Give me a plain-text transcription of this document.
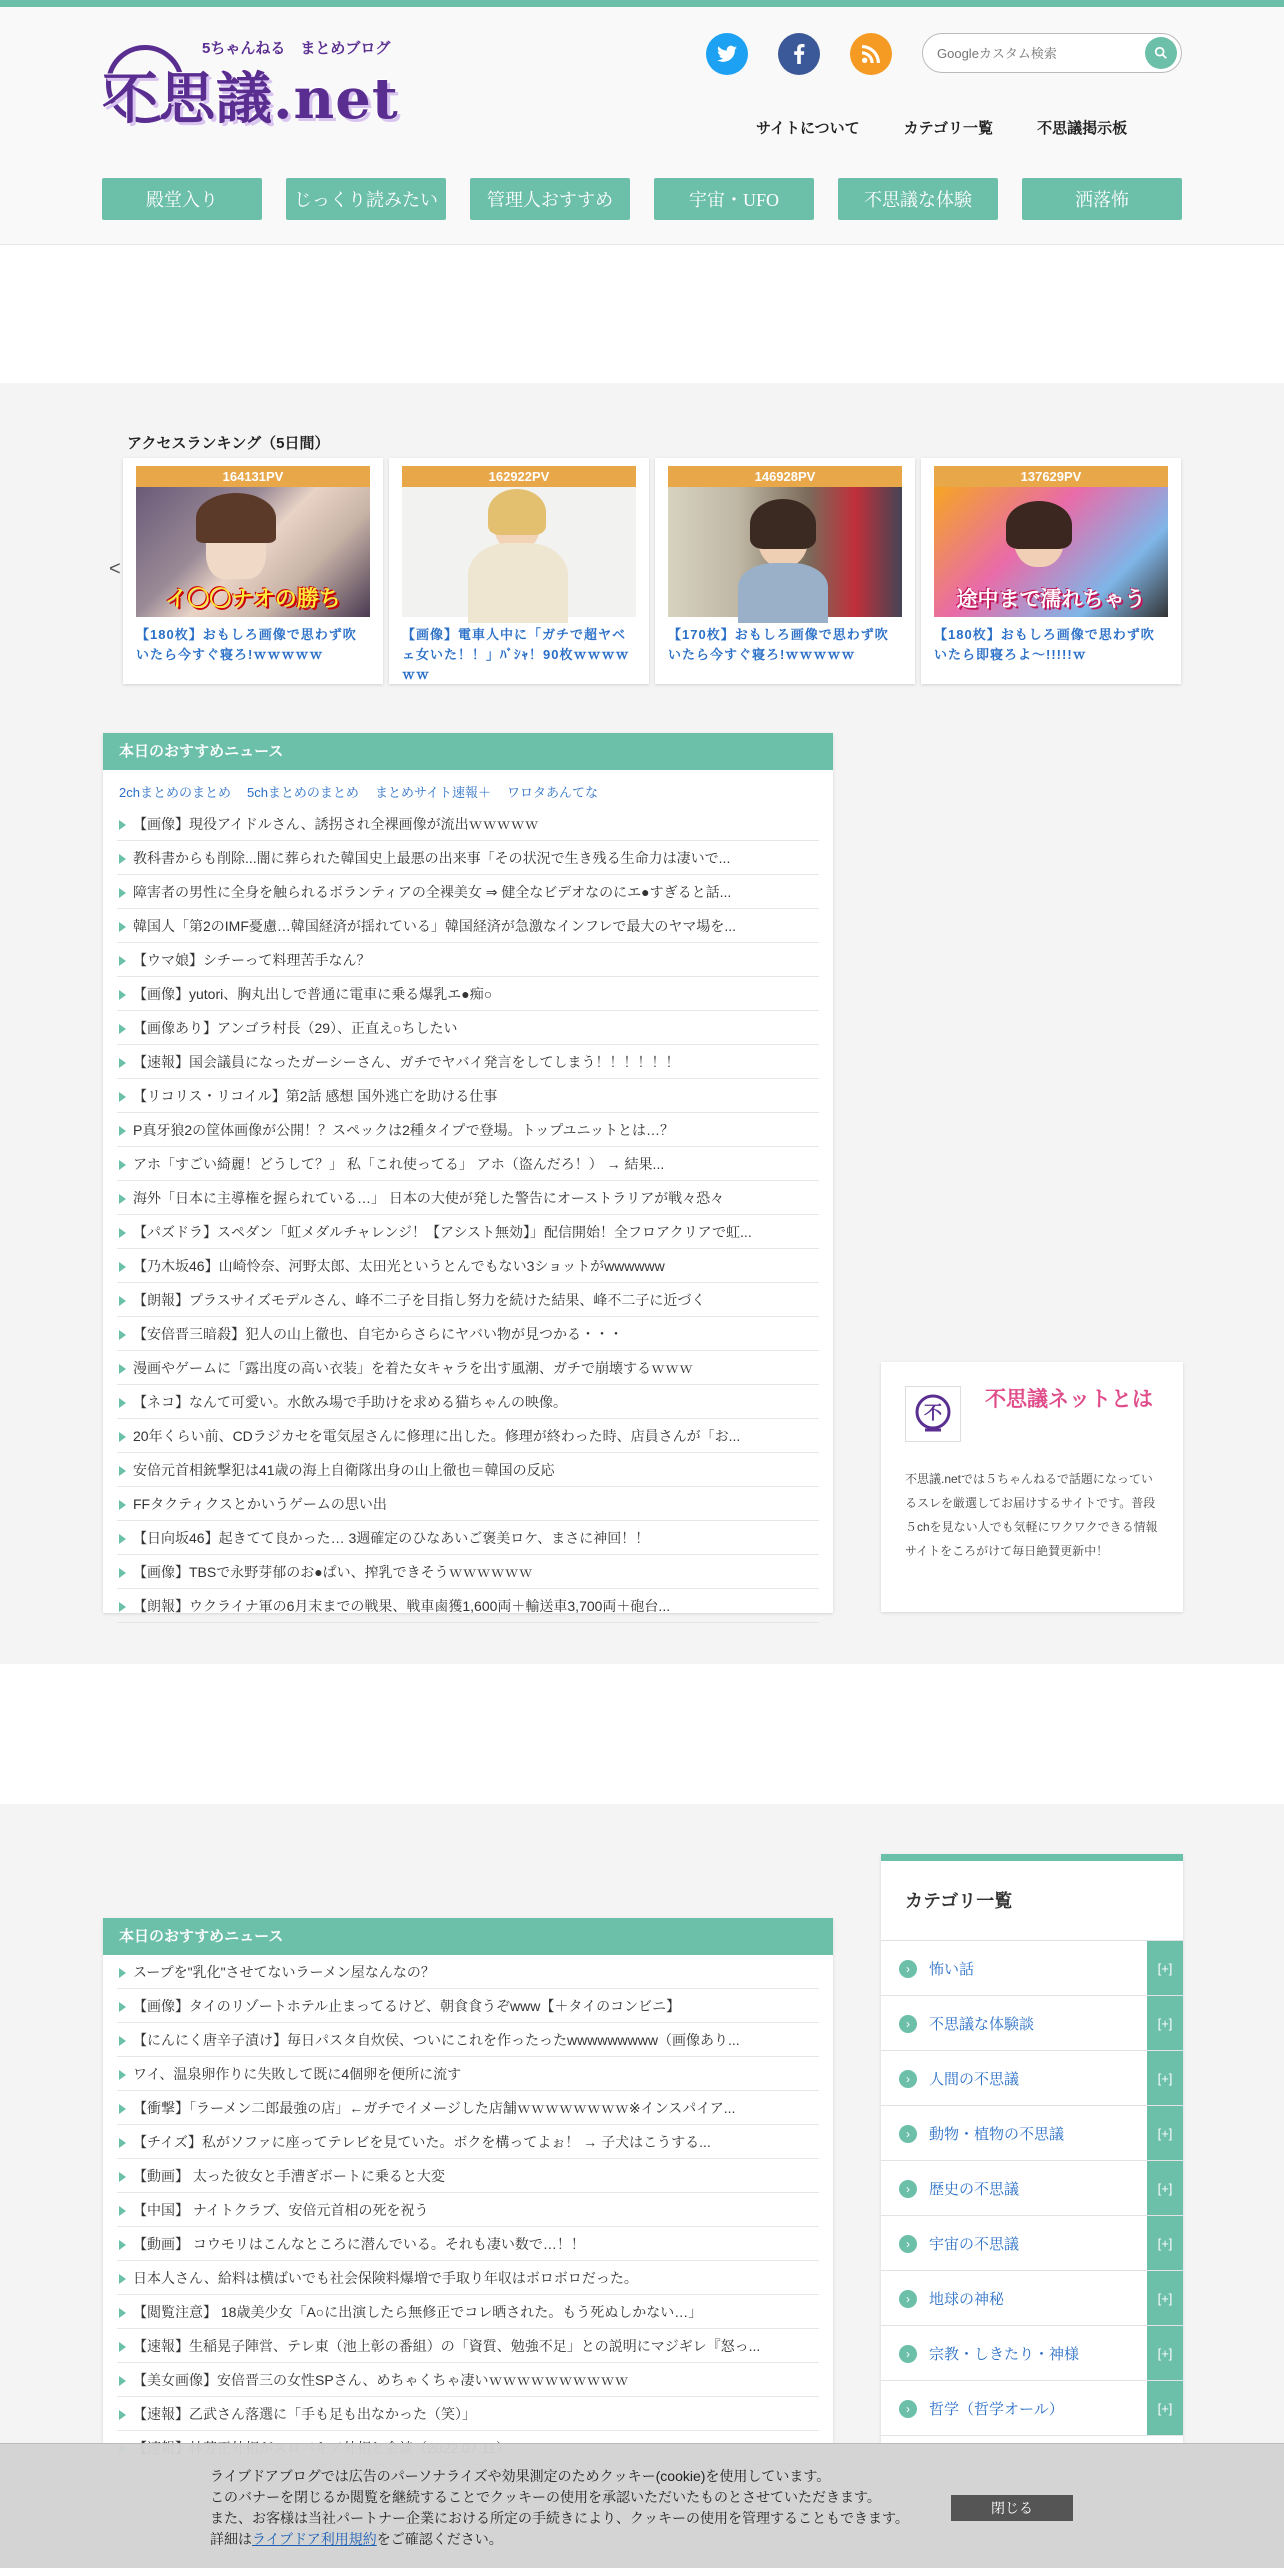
5ちゃんねる　まとめブログ
不思議.net
Googleカスタム検索	サイトについて	カテゴリ一覧	不思議掲示板
殿堂入り	じっくり読みたい	管理人おすすめ	宇宙・UFO	不思議な体験	洒落怖
アクセスランキング（5日間）
<
164131PV
イ〇〇ナオの勝ち
【180枚】おもしろ画像で思わず吹いたら今すぐ寝ろ!ｗｗｗｗｗ
162922PV
【画像】電車人中に「ガチで超ヤベェ女いた！！」ﾊﾞｼｬ！90枚ｗｗｗｗｗｗ
146928PV
【170枚】おもしろ画像で思わず吹いたら今すぐ寝ろ!ｗｗｗｗｗ
137629PV
途中まで濡れちゃう
【180枚】おもしろ画像で思わず吹いたら即寝ろよ～!!!!!ｗ
本日のおすすめニュース
2chまとめのまとめ 5chまとめのまとめ まとめサイト速報＋ ワロタあんてな
【画像】現役アイドルさん、誘拐され全裸画像が流出ｗｗｗｗｗ
教科書からも削除...闇に葬られた韓国史上最悪の出来事「その状況で生き残る生命力は凄いで...
障害者の男性に全身を触られるボランティアの全裸美女 ⇒ 健全なビデオなのにエ●すぎると話...
韓国人「第2のIMF憂慮…韓国経済が揺れている」韓国経済が急激なインフレで最大のヤマ場を...
【ウマ娘】シチーって料理苦手なん？
【画像】yutori、胸丸出しで普通に電車に乗る爆乳エ●痴○
【画像あり】アンゴラ村長（29）、正直え○ちしたい
【速報】国会議員になったガーシーさん、ガチでヤバイ発言をしてしまう！！！！！！
【リコリス・リコイル】第2話 感想 国外逃亡を助ける仕事
P真牙狼2の筐体画像が公開！？スペックは2種タイプで登場。トップユニットとは…？
アホ「すごい綺麗！どうして？」 私「これ使ってる」 アホ（盗んだろ！） → 結果...
海外「日本に主導権を握られている…」 日本の大使が発した警告にオーストラリアが戦々恐々
【パズドラ】スペダン「虹メダルチャレンジ！【アシスト無効】」配信開始！全フロアクリアで虹...
【乃木坂46】山崎怜奈、河野太郎、太田光というとんでもない3ショットがwwwwww
【朗報】プラスサイズモデルさん、峰不二子を目指し努力を続けた結果、峰不二子に近づく
【安倍晋三暗殺】犯人の山上徹也、自宅からさらにヤバい物が見つかる・・・
漫画やゲームに「露出度の高い衣装」を着た女キャラを出す風潮、ガチで崩壊するｗｗｗ
【ネコ】なんて可愛い。水飲み場で手助けを求める猫ちゃんの映像。
20年くらい前、CDラジカセを電気屋さんに修理に出した。修理が終わった時、店員さんが「お...
安倍元首相銃撃犯は41歳の海上自衛隊出身の山上徹也＝韓国の反応
FFタクティクスとかいうゲームの思い出
【日向坂46】起きてて良かった… 3週確定のひなあいご褒美ロケ、まさに神回！！
【画像】TBSで永野芽郁のお●ぱい、搾乳できそうｗｗｗｗｗｗ
【朗報】ウクライナ軍の6月末までの戦果、戦車鹵獲1,600両＋輸送車3,700両＋砲台...
不
不思議ネットとは
不思議.netでは５ちゃんねるで話題になっているスレを厳選してお届けするサイトです。普段５chを見ない人でも気軽にワクワクできる情報サイトをころがけて毎日絶賛更新中！
本日のおすすめニュース
スープを"乳化"させてないラーメン屋なんなの？
【画像】タイのリゾートホテル止まってるけど、朝食食うぞwww【＋タイのコンビニ】
【にんにく唐辛子漬け】毎日パスタ自炊侯、ついにこれを作ったったwwwwwwwww（画像あり...
ワイ、温泉卵作りに失敗して既に4個卵を便所に流す
【衝撃】「ラーメン二郎最強の店」←ガチでイメージした店舗ｗｗｗｗｗｗｗｗ※インスパイア...
【チイズ】私がソファに座ってテレビを見ていた。ボクを構ってよぉ！ → 子犬はこうする...
【動画】 太った彼女と手漕ぎボートに乗ると大変
【中国】 ナイトクラブ、安倍元首相の死を祝う
【動画】 コウモリはこんなところに潜んでいる。それも凄い数で…！！
日本人さん、給料は横ばいでも社会保険料爆増で手取り年収はボロボロだった。
【閲覧注意】 18歳美少女「A○に出演したら無修正でコレ晒された。もう死ぬしかない…」
【速報】生稲晃子陣営、テレ東（池上彰の番組）の「資質、勉強不足」との説明にマジギレ『怒っ...
【美女画像】安倍晋三の女性SPさん、めちゃくちゃ凄いｗｗｗｗｗｗｗｗｗｗ
【速報】乙武さん落選に「手も足も出なかった（笑）」
カテゴリ一覧
›	怖い話	[+]
›	不思議な体験談	[+]
›	人間の不思議	[+]
›	動物・植物の不思議	[+]
›	歴史の不思議	[+]
›	宇宙の不思議	[+]
›	地球の神秘	[+]
›	宗教・しきたり・神様	[+]
›	哲学（哲学オール）	[+]
ライブドアブログでは広告のパーソナライズや効果測定のためクッキー(cookie)を使用しています。
このバナーを閉じるか閲覧を継続することでクッキーの使用を承認いただいたものとさせていただきます。
また、お客様は当社パートナー企業における所定の手続きにより、クッキーの使用を管理することもできます。
詳細はライブドア利用規約をご確認ください。
閉じる
